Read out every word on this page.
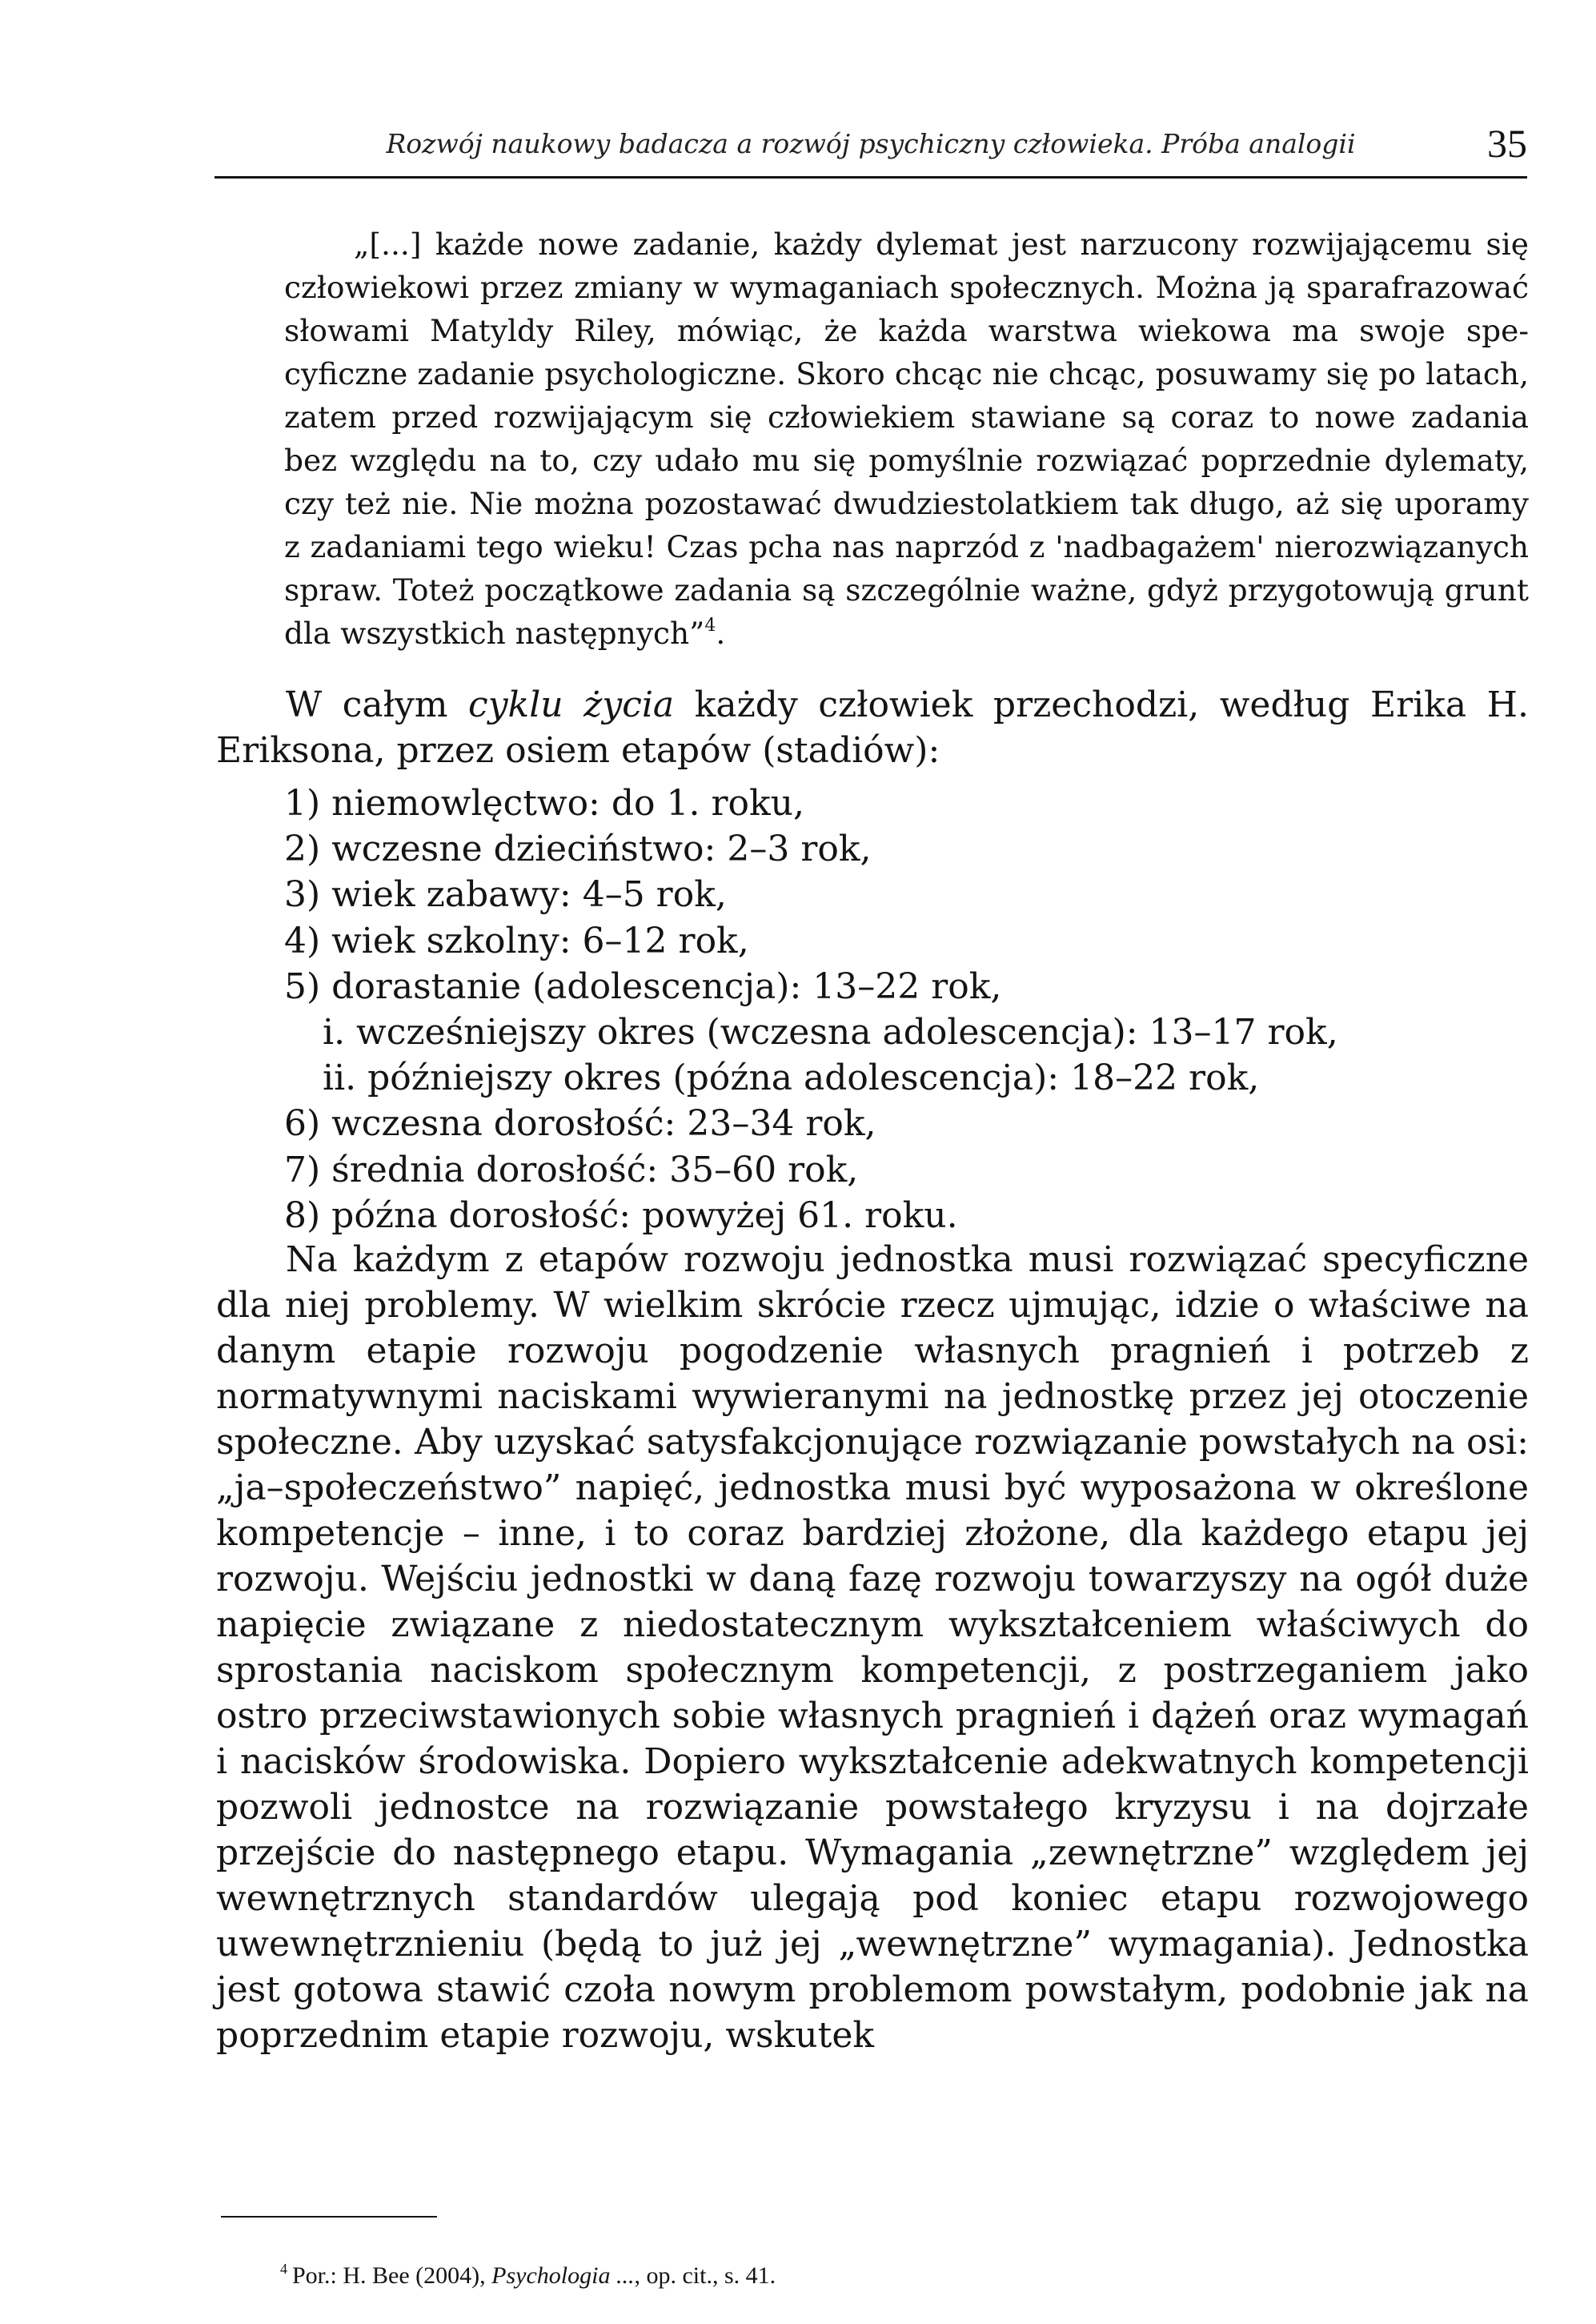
Rozwój naukowy badacza a rozwój psychiczny człowieka. Próba analogii	35

„[...] każde nowe zadanie, każdy dylemat jest narzucony rozwijającemu się człowiekowi przez zmiany w wymaganiach społecznych. Można ją sparafrazować słowami Matyldy Riley, mówiąc, że każda warstwa wiekowa ma swoje specyficzne zadanie psychologiczne. Skoro chcąc nie chcąc, posuwamy się po latach, zatem przed rozwijającym się człowiekiem stawiane są coraz to nowe zadania bez względu na to, czy udało mu się pomyślnie rozwiązać poprzednie dylematy, czy też nie. Nie można pozostawać dwudziestolatkiem tak długo, aż się uporamy z zadaniami tego wieku! Czas pcha nas naprzód z 'nadbagażem' nierozwiązanych spraw. Toteż początkowe zadania są szczególnie ważne, gdyż przygotowują grunt dla wszystkich następnych”$^4$.

W całym cyklu życia każdy człowiek przechodzi, według Erika H. Eriksona, przez osiem etapów (stadiów):

1) niemowlęctwo: do 1. roku,
2) wczesne dzieciństwo: 2–3 rok,
3) wiek zabawy: 4–5 rok,
4) wiek szkolny: 6–12 rok,
5) dorastanie (adolescencja): 13–22 rok,
i. wcześniejszy okres (wczesna adolescencja): 13–17 rok,
ii. późniejszy okres (późna adolescencja): 18–22 rok,
6) wczesna dorosłość: 23–34 rok,
7) średnia dorosłość: 35–60 rok,
8) późna dorosłość: powyżej 61. roku.

Na każdym z etapów rozwoju jednostka musi rozwiązać specyficzne dla niej problemy. W wielkim skrócie rzecz ujmując, idzie o właściwe na danym etapie rozwoju pogodzenie własnych pragnień i potrzeb z normatywnymi naciskami wywieranymi na jednostkę przez jej otoczenie społeczne. Aby uzyskać satysfakcjonujące rozwiązanie powstałych na osi: „ja–społeczeństwo” napięć, jednostka musi być wyposażona w określone kompetencje – inne, i to coraz bardziej złożone, dla każdego etapu jej rozwoju. Wejściu jednostki w daną fazę rozwoju towarzyszy na ogół duże napięcie związane z niedostatecznym wykształceniem właściwych do sprostania naciskom społecznym kompetencji, z postrzeganiem jako ostro przeciwstawionych sobie własnych pragnień i dążeń oraz wymagań i nacisków środowiska. Dopiero wykształcenie adekwatnych kompetencji pozwoli jednostce na rozwiązanie powstałego kryzysu i na dojrzałe przejście do następnego etapu. Wymagania „zewnętrzne” względem jej wewnętrznych standardów ulegają pod koniec etapu rozwojowego uwewnętrznieniu (będą to już jej „wewnętrzne” wymagania). Jednostka jest gotowa stawić czoła nowym problemom powstałym, podobnie jak na poprzednim etapie rozwoju, wskutek

$^4$ Por.: H. Bee (2004), Psychologia ..., op. cit., s. 41.
